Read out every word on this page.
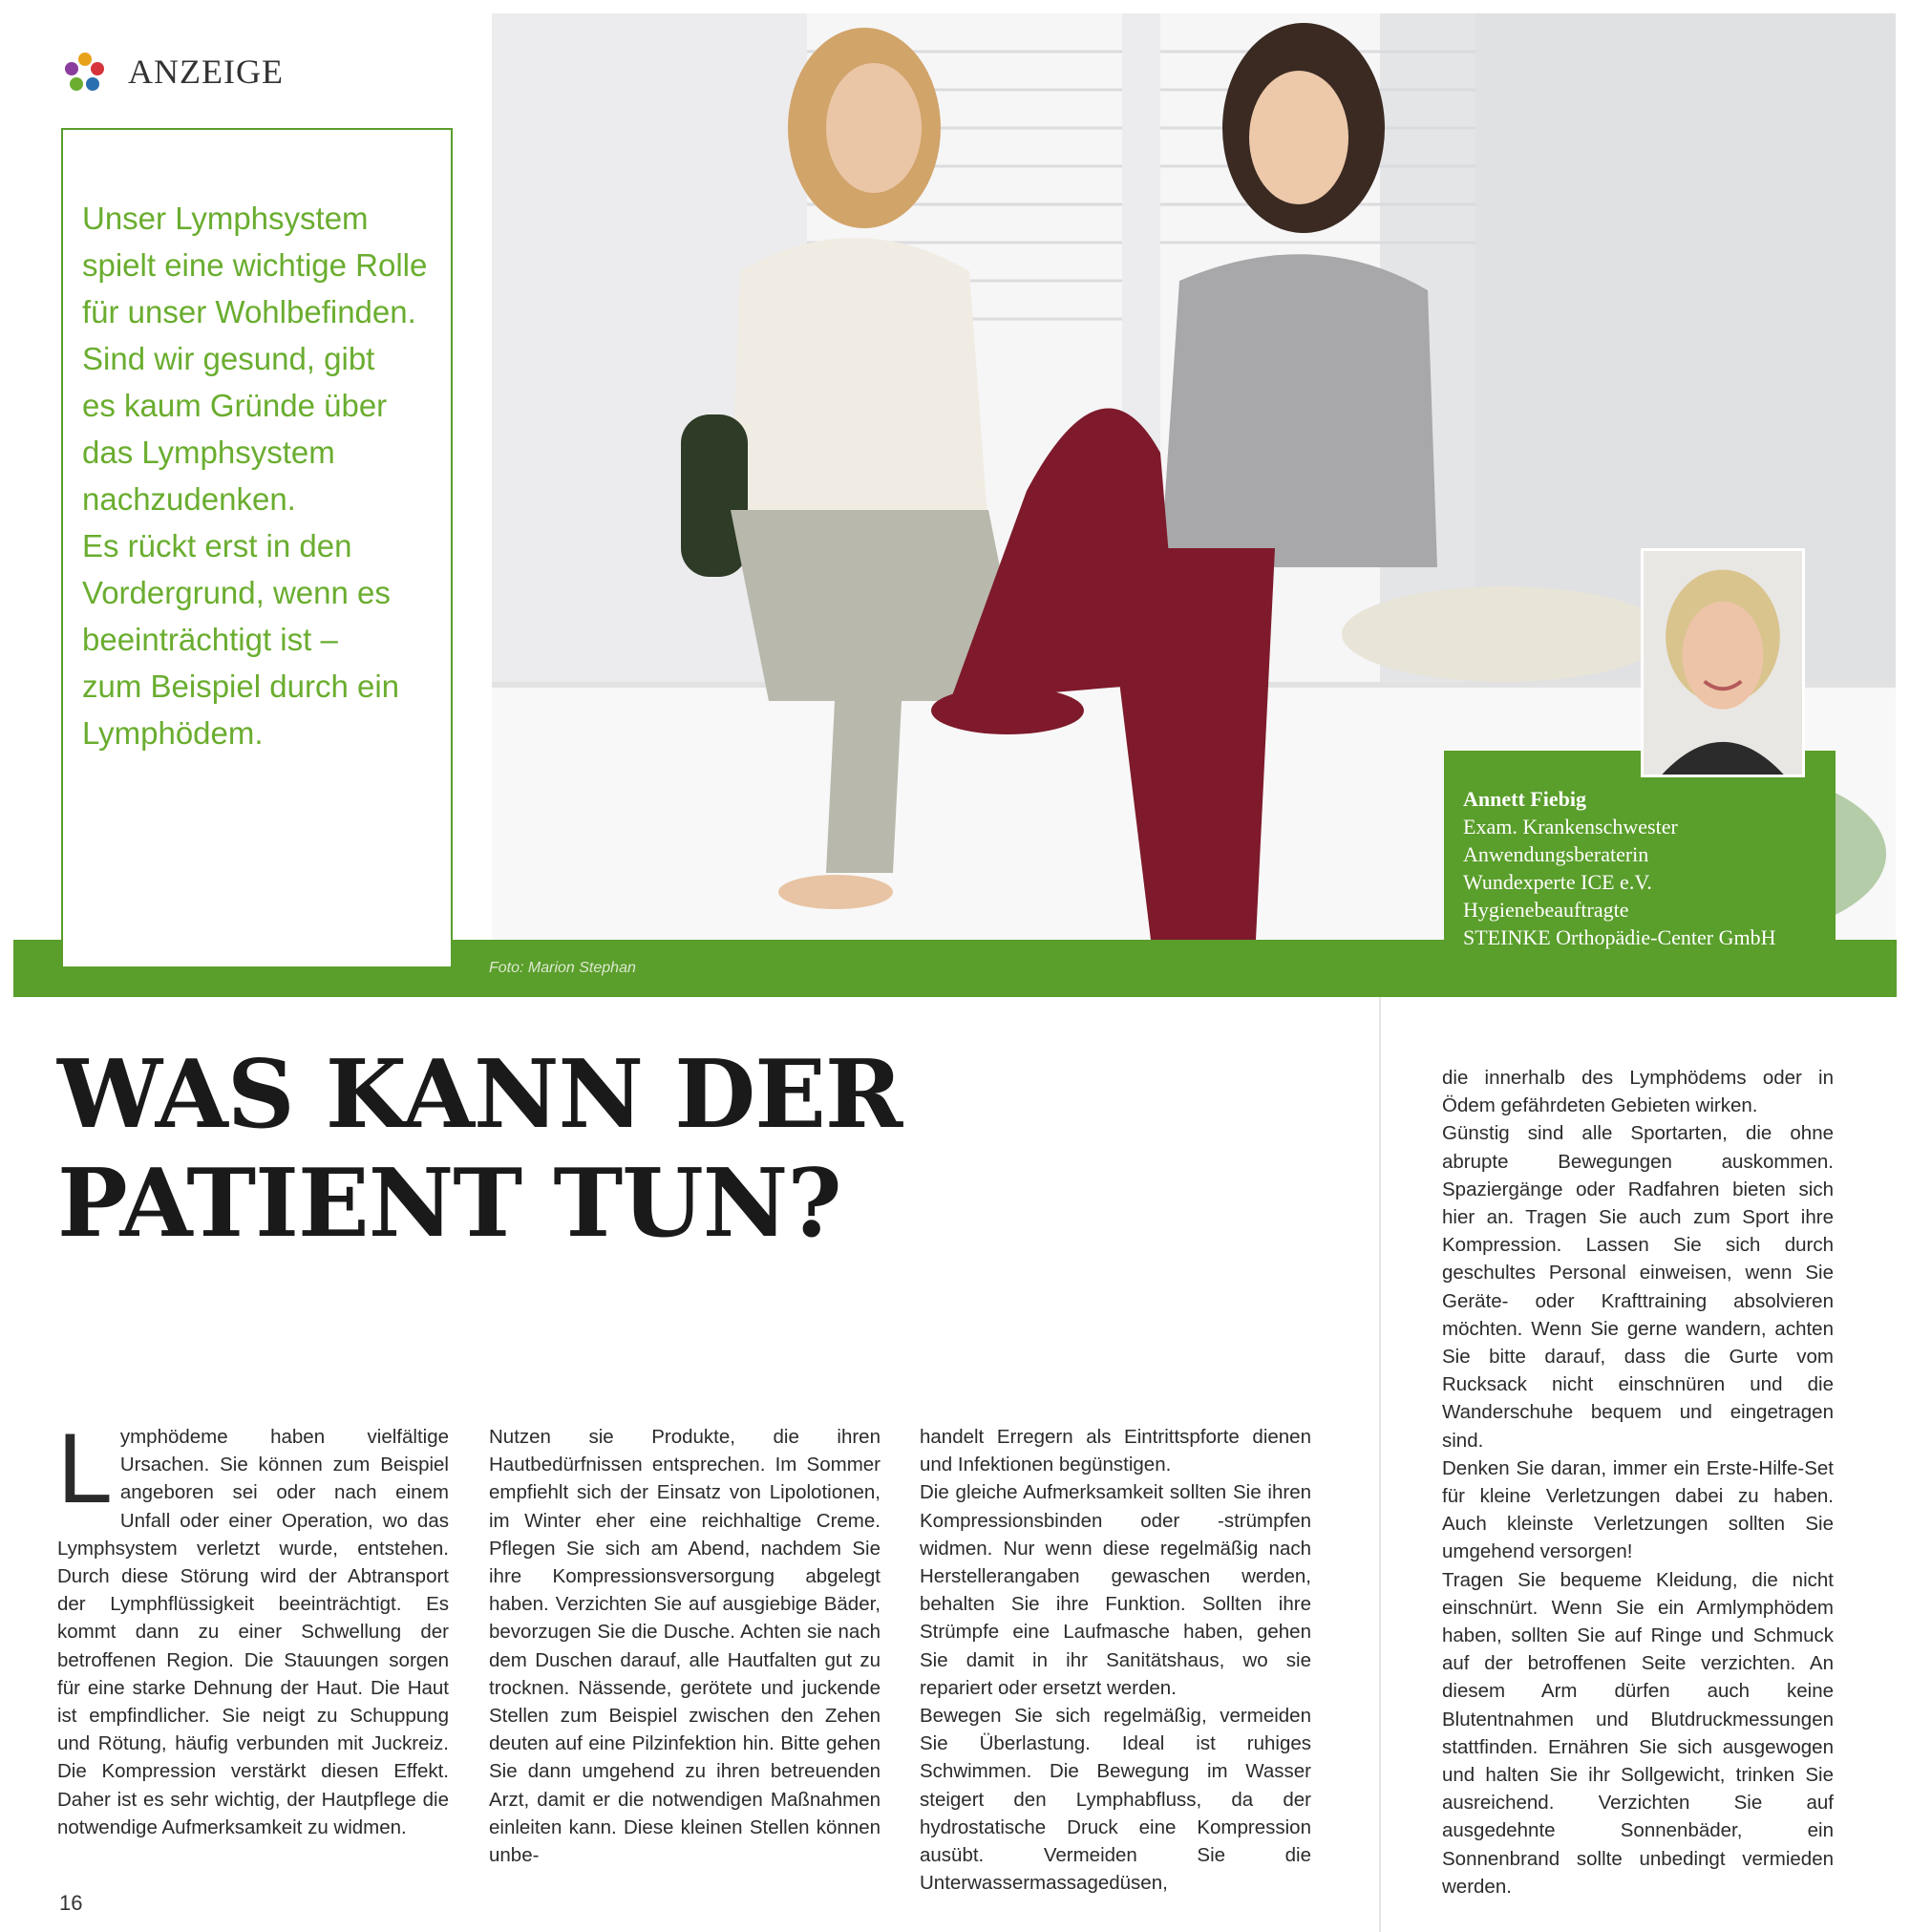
ANZEIGE
Foto: Marion Stephan
Unser Lymphsystem
spielt eine wichtige Rolle
für unser Wohlbefinden.
Sind wir gesund, gibt
es kaum Gründe über
das Lymphsystem
nachzudenken.
Es rückt erst in den
Vordergrund, wenn es
beeinträchtigt ist –
zum Beispiel durch ein
Lymphödem.
Annett Fiebig
Exam. Krankenschwester
Anwendungsberaterin
Wundexperte ICE e.V.
Hygienebeauftragte
STEINKE Orthopädie-Center GmbH
WAS KANN DER
PATIENT TUN?
Lymphödeme haben vielfältige Ursachen. Sie können zum Beispiel angeboren sei oder nach einem Unfall oder einer Operation, wo das Lymphsystem verletzt wurde, entstehen. Durch diese Störung wird der Abtransport der Lymphflüssigkeit beeinträchtigt. Es kommt dann zu einer Schwellung der betroffenen Region. Die Stauungen sorgen für eine starke Dehnung der Haut. Die Haut ist empfindlicher. Sie neigt zu Schuppung und Rötung, häufig verbunden mit Juckreiz. Die Kompression verstärkt diesen Effekt. Daher ist es sehr wichtig, der Hautpflege die notwendige Aufmerksamkeit zu widmen.

Nutzen sie Produkte, die ihren Hautbedürfnissen entsprechen. Im Sommer empfiehlt sich der Einsatz von Lipolotionen, im Winter eher eine reichhaltige Creme. Pflegen Sie sich am Abend, nachdem Sie ihre Kompressionsversorgung abgelegt haben. Verzichten Sie auf ausgiebige Bäder, bevorzugen Sie die Dusche. Achten sie nach dem Duschen darauf, alle Hautfalten gut zu trocknen. Nässende, gerötete und juckende Stellen zum Beispiel zwischen den Zehen deuten auf eine Pilzinfektion hin. Bitte gehen Sie dann umgehend zu ihren betreuenden Arzt, damit er die notwendigen Maßnahmen einleiten kann. Diese kleinen Stellen können unbe-

handelt Erregern als Eintrittspforte dienen und Infektionen begünstigen.

Die gleiche Aufmerksamkeit sollten Sie ihren Kompressionsbinden oder -strümpfen widmen. Nur wenn diese regelmäßig nach Herstellerangaben gewaschen werden, behalten Sie ihre Funktion. Sollten ihre Strümpfe eine Laufmasche haben, gehen Sie damit in ihr Sanitätshaus, wo sie repariert oder ersetzt werden.

Bewegen Sie sich regelmäßig, vermeiden Sie Überlastung. Ideal ist ruhiges Schwimmen. Die Bewegung im Wasser steigert den Lymphabfluss, da der hydrostatische Druck eine Kompression ausübt. Vermeiden Sie die Unterwassermassagedüsen,

die innerhalb des Lymphödems oder in Ödem gefährdeten Gebieten wirken.

Günstig sind alle Sportarten, die ohne abrupte Bewegungen auskommen. Spaziergänge oder Radfahren bieten sich hier an. Tragen Sie auch zum Sport ihre Kompression. Lassen Sie sich durch geschultes Personal einweisen, wenn Sie Geräte- oder Krafttraining absolvieren möchten. Wenn Sie gerne wandern, achten Sie bitte darauf, dass die Gurte vom Rucksack nicht einschnüren und die Wanderschuhe bequem und eingetragen sind.

Denken Sie daran, immer ein Erste-Hilfe-Set für kleine Verletzungen dabei zu haben. Auch kleinste Verletzungen sollten Sie umgehend versorgen!

Tragen Sie bequeme Kleidung, die nicht einschnürt. Wenn Sie ein Armlymphödem haben, sollten Sie auf Ringe und Schmuck auf der betroffenen Seite verzichten. An diesem Arm dürfen auch keine Blutentnahmen und Blutdruckmessungen stattfinden. Ernähren Sie sich ausgewogen und halten Sie ihr Sollgewicht, trinken Sie ausreichend. Verzichten Sie auf ausgedehnte Sonnenbäder, ein Sonnenbrand sollte unbedingt vermieden werden.

16
